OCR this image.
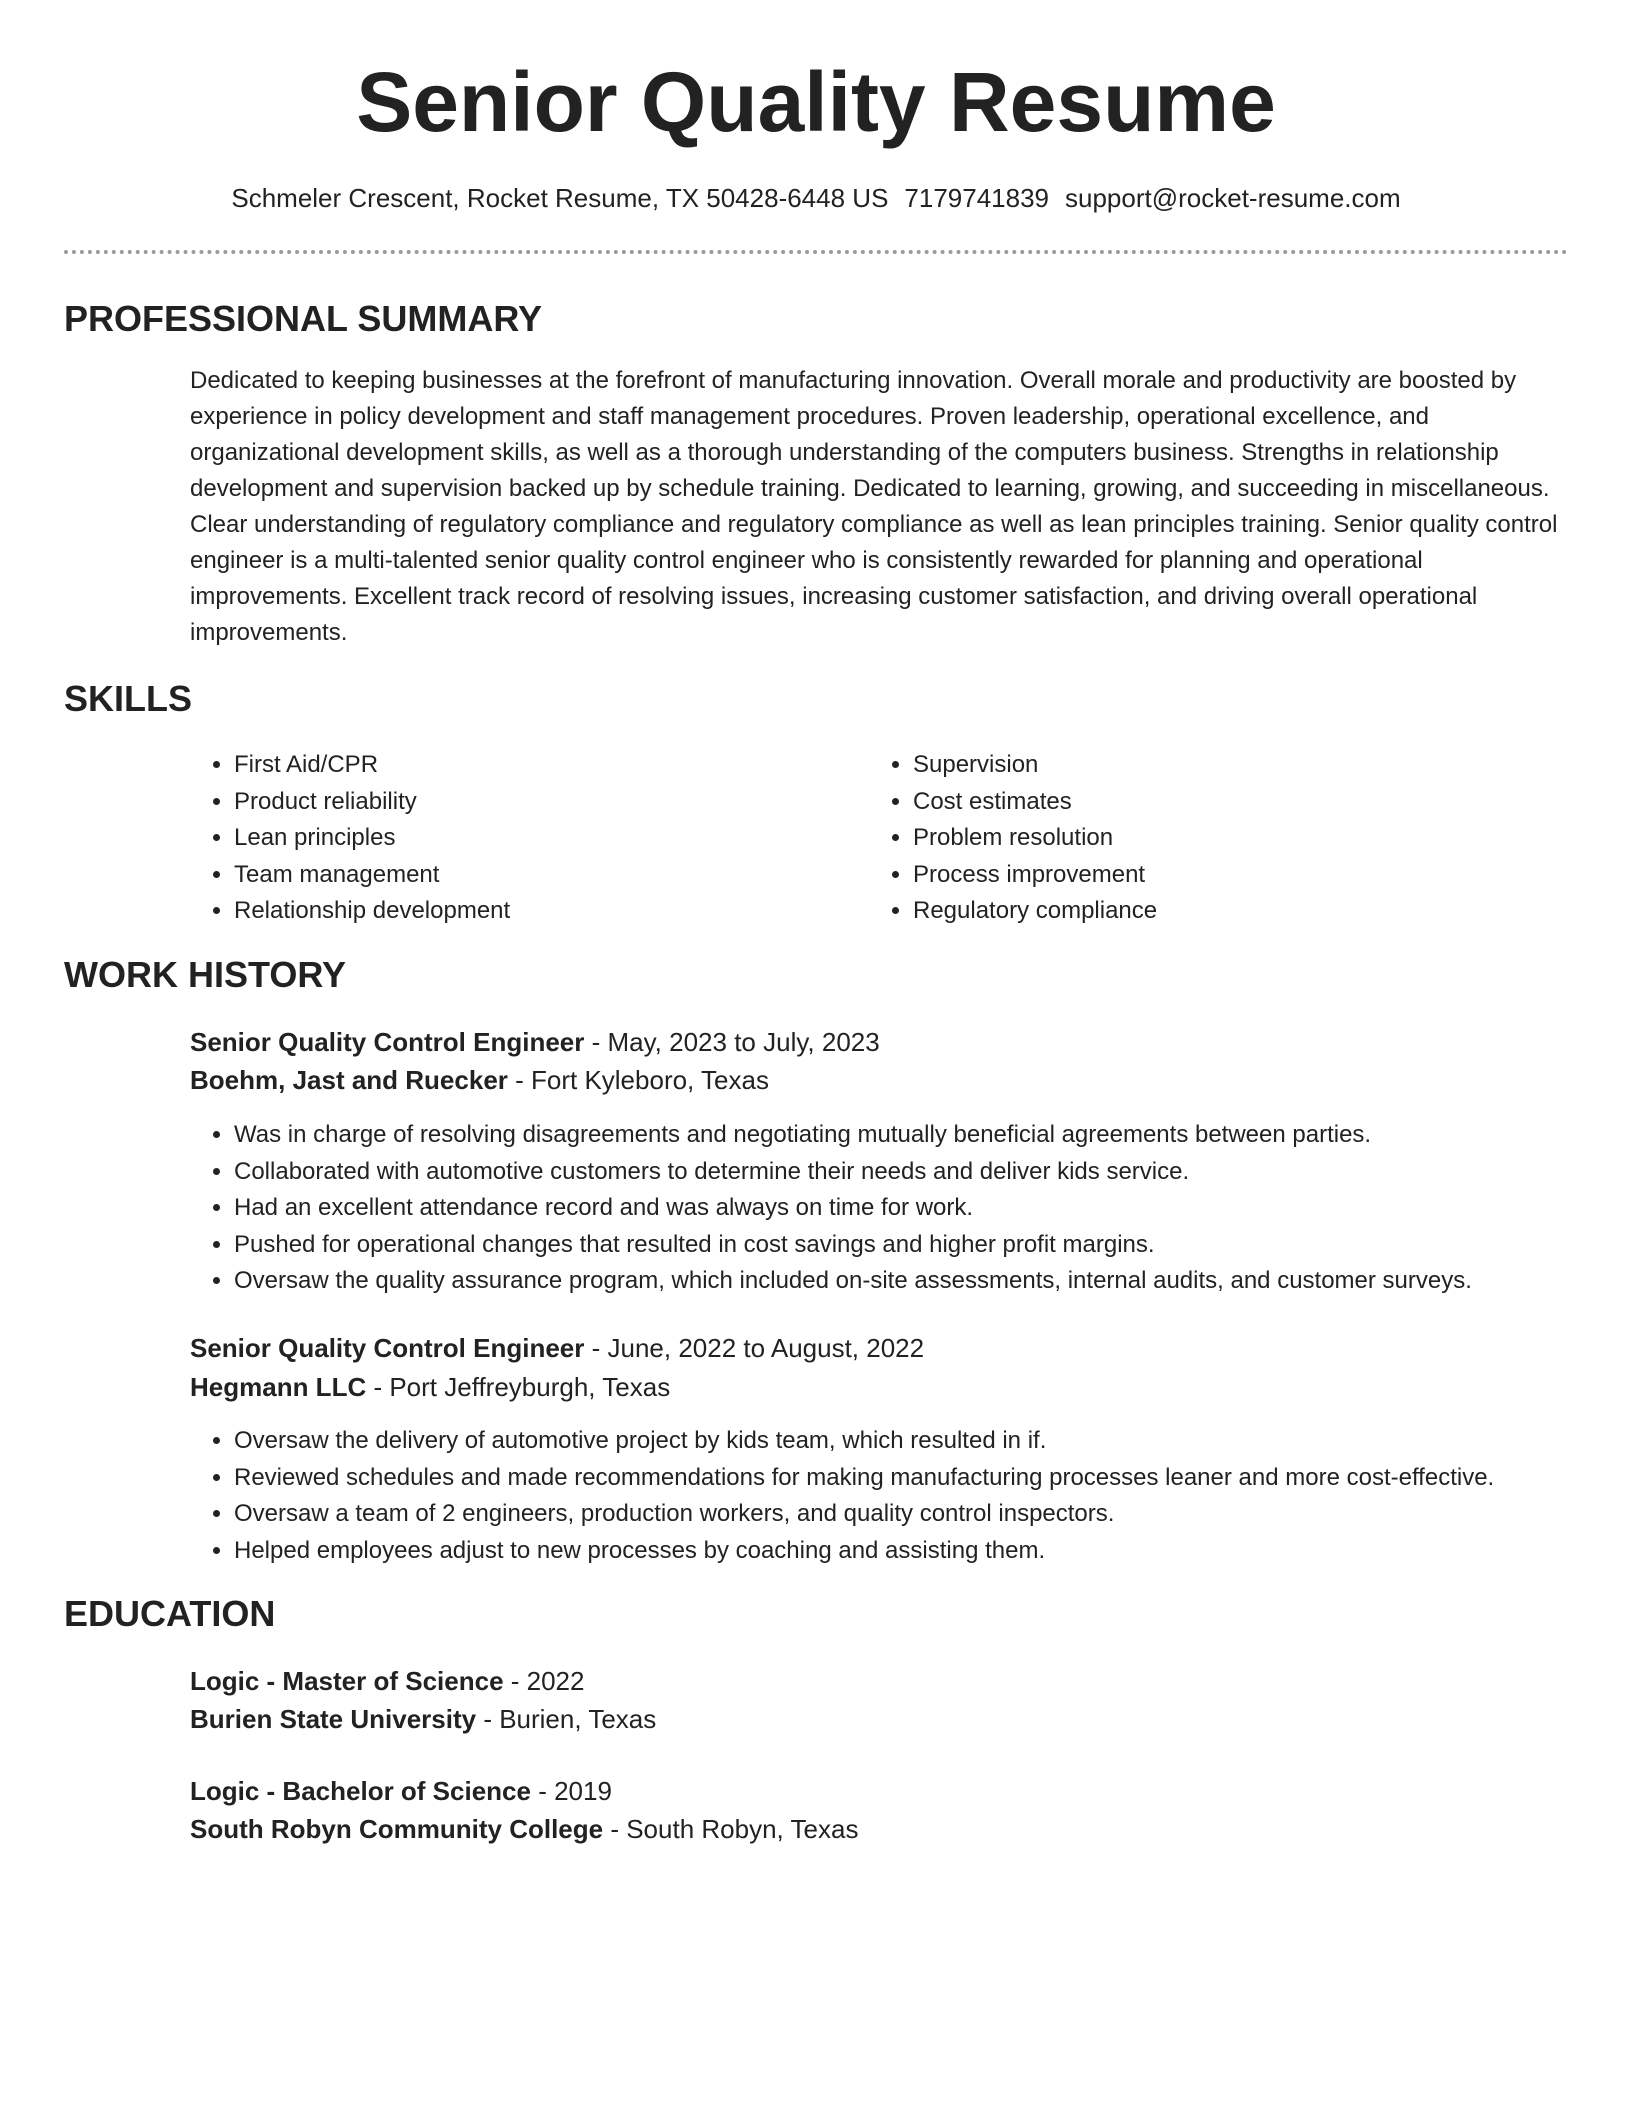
Senior Quality Resume
Schmeler Crescent, Rocket Resume, TX 50428-6448 US 7179741839 support@rocket-resume.com
PROFESSIONAL SUMMARY

Dedicated to keeping businesses at the forefront of manufacturing innovation. Overall morale and productivity are boosted by experience in policy development and staff management procedures. Proven leadership, operational excellence, and organizational development skills, as well as a thorough understanding of the computers business. Strengths in relationship development and supervision backed up by schedule training. Dedicated to learning, growing, and succeeding in miscellaneous. Clear understanding of regulatory compliance and regulatory compliance as well as lean principles training. Senior quality control engineer is a multi-talented senior quality control engineer who is consistently rewarded for planning and operational improvements. Excellent track record of resolving issues, increasing customer satisfaction, and driving overall operational improvements.

SKILLS
• First Aid/CPR
• Product reliability
• Lean principles
• Team management
• Relationship development
• Supervision
• Cost estimates
• Problem resolution
• Process improvement
• Regulatory compliance
WORK HISTORY
Senior Quality Control Engineer - May, 2023 to July, 2023
Boehm, Jast and Ruecker - Fort Kyleboro, Texas
• Was in charge of resolving disagreements and negotiating mutually beneficial agreements between parties.
• Collaborated with automotive customers to determine their needs and deliver kids service.
• Had an excellent attendance record and was always on time for work.
• Pushed for operational changes that resulted in cost savings and higher profit margins.
• Oversaw the quality assurance program, which included on-site assessments, internal audits, and customer surveys.
Senior Quality Control Engineer - June, 2022 to August, 2022
Hegmann LLC - Port Jeffreyburgh, Texas
• Oversaw the delivery of automotive project by kids team, which resulted in if.
• Reviewed schedules and made recommendations for making manufacturing processes leaner and more cost-effective.
• Oversaw a team of 2 engineers, production workers, and quality control inspectors.
• Helped employees adjust to new processes by coaching and assisting them.
EDUCATION
Logic - Master of Science - 2022
Burien State University - Burien, Texas
Logic - Bachelor of Science - 2019
South Robyn Community College - South Robyn, Texas
